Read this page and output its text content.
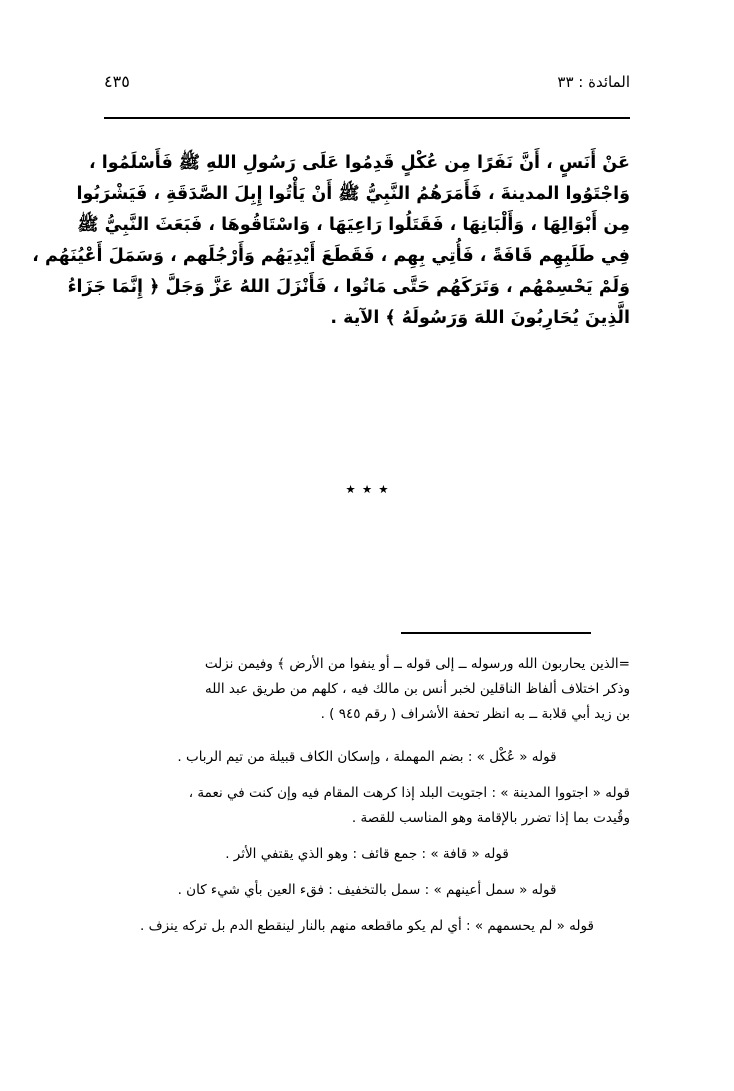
٤٣٥	المائدة : ٣٣
عَنْ أَنَسٍ ، أَنَّ نَفَرًا مِن عُكْلٍ قَدِمُوا عَلَى رَسُولِ اللهِ ﷺ فَأَسْلَمُوا ،
وَاجْتَوُوا المدينةَ ، فَأَمَرَهُمُ النَّبِيُّ ﷺ أَنْ يَأْتُوا إِبِلَ الصَّدَقَةِ ، فَيَشْرَبُوا
مِن أَبْوَالِهَا ، وَأَلْبَانِهَا ، فَقَتَلُوا رَاعِيَهَا ، وَاسْتَاقُوهَا ، فَبَعَثَ النَّبِيُّ ﷺ
فِي طَلَبِهِم قَافَةً ، فَأُتِي بِهِم ، فَقَطَعَ أَيْدِيَهُم وَأَرْجُلَهم ، وَسَمَلَ أَعْيُنَهُم ،
وَلَمْ يَحْسِمْهُم ، وَتَرَكَهُم حَتَّى مَاتُوا ، فَأَنْزَلَ اللهُ عَزَّ وَجَلَّ ﴿ إِنَّمَا جَزَاءُ
الَّذِينَ يُحَارِبُونَ اللهَ وَرَسُولَهُ ﴾ الآية .
٭ ٭ ٭
=الذين يحاربون الله ورسوله ــ إلى قوله ــ أو ينفوا من الأرض ﴾ وفيمن نزلت
وذكر اختلاف ألفاظ الناقلين لخبر أنس بن مالك فيه ، كلهم من طريق عبد الله
بن زيد أبي قلابة ــ به انظر تحفة الأشراف ( رقم ٩٤٥ ) .
قوله « عُكْل » : بضم المهملة ، وإسكان الكاف قبيلة من تيم الرباب .
قوله « اجتووا المدينة » : اجتويت البلد إذا كرهت المقام فيه وإن كنت في نعمة ،
وقُيدت بما إذا تضرر بالإقامة وهو المناسب للقصة .
قوله « قافة » : جمع قائف : وهو الذي يقتفي الأثر .
قوله « سمل أعينهم » : سمل بالتخفيف : فقء العين بأي شيء كان .
قوله « لم يحسمهم » : أي لم يكو ماقطعه منهم بالنار لينقطع الدم بل تركه ينزف .
